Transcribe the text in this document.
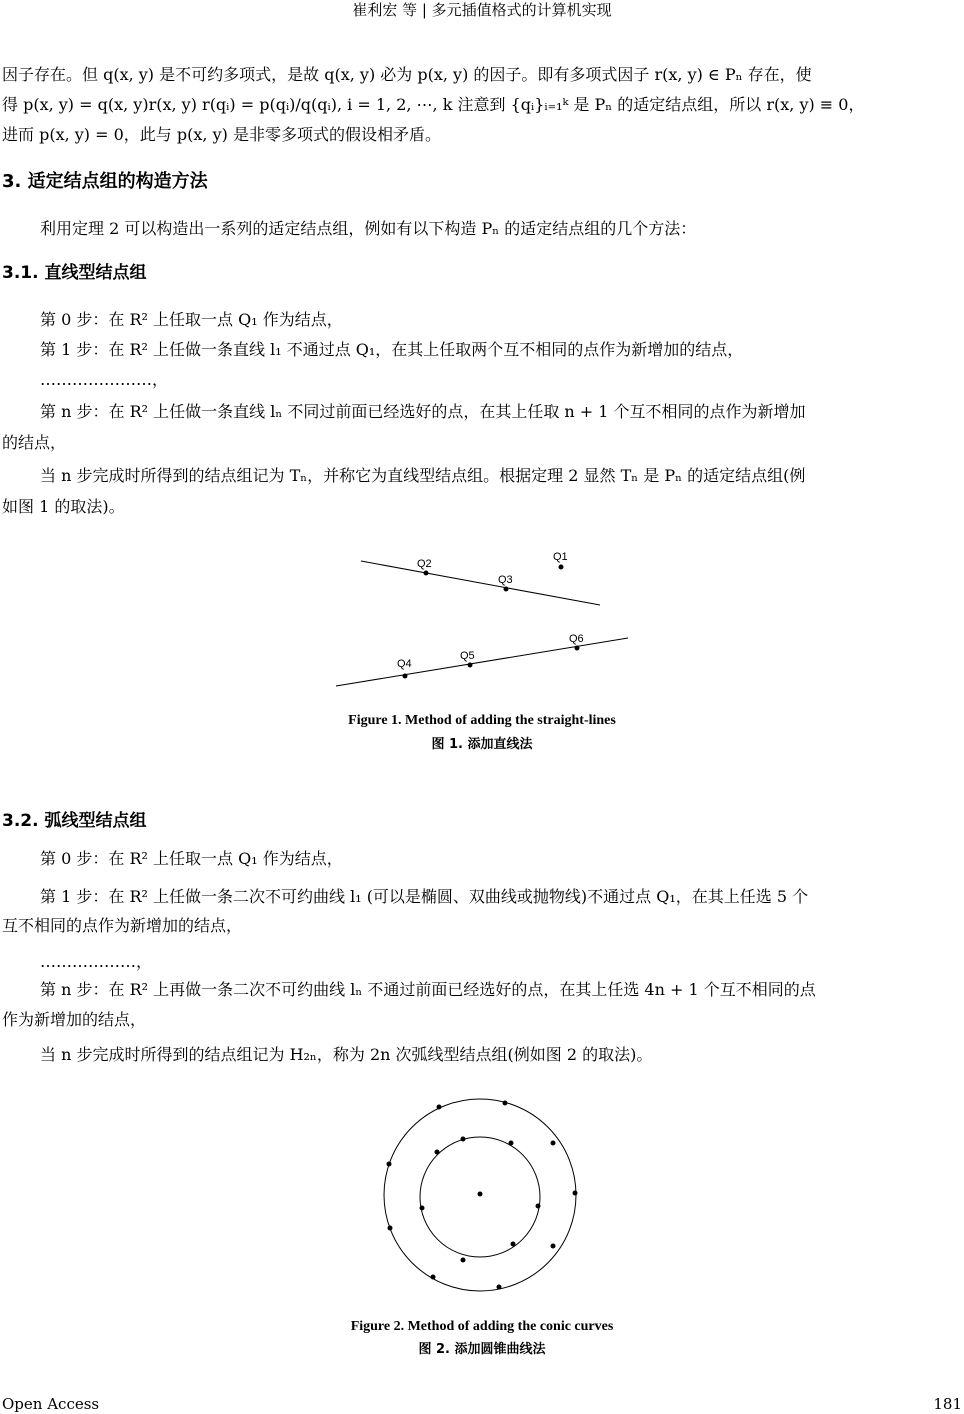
崔利宏 等 | 多元插值格式的计算机实现
因子存在。但 q(x, y) 是不可约多项式，是故 q(x, y) 必为 p(x, y) 的因子。即有多项式因子 r(x, y) ∈ Pₙ 存在，使
得 p(x, y) = q(x, y)r(x, y) r(qᵢ) = p(qᵢ)/q(qᵢ), i = 1, 2, ⋯, k 注意到 {qᵢ}ᵢ₌₁ᵏ 是 Pₙ 的适定结点组，所以 r(x, y) ≡ 0，
进而 p(x, y) = 0，此与 p(x, y) 是非零多项式的假设相矛盾。
3. 适定结点组的构造方法
利用定理 2 可以构造出一系列的适定结点组，例如有以下构造 Pₙ 的适定结点组的几个方法：
3.1. 直线型结点组
第 0 步：在 R² 上任取一点 Q₁ 作为结点，
第 1 步：在 R² 上任做一条直线 l₁ 不通过点 Q₁，在其上任取两个互不相同的点作为新增加的结点，
…………………，
第 n 步：在 R² 上任做一条直线 lₙ 不同过前面已经选好的点，在其上任取 n + 1 个互不相同的点作为新增加
的结点，
当 n 步完成时所得到的结点组记为 Tₙ，并称它为直线型结点组。根据定理 2 显然 Tₙ 是 Pₙ 的适定结点组(例
如图 1 的取法)。
Q1
Q2
Q3
Q4
Q5
Q6
Figure 1. Method of adding the straight-lines
图 1. 添加直线法
3.2. 弧线型结点组
第 0 步：在 R² 上任取一点 Q₁ 作为结点，
第 1 步：在 R² 上任做一条二次不可约曲线 l₁ (可以是椭圆、双曲线或抛物线)不通过点 Q₁，在其上任选 5 个
互不相同的点作为新增加的结点，
………………，
第 n 步：在 R² 上再做一条二次不可约曲线 lₙ 不通过前面已经选好的点，在其上任选 4n + 1 个互不相同的点
作为新增加的结点，
当 n 步完成时所得到的结点组记为 H₂ₙ，称为 2n 次弧线型结点组(例如图 2 的取法)。
Figure 2. Method of adding the conic curves
图 2. 添加圆锥曲线法
Open Access	181
